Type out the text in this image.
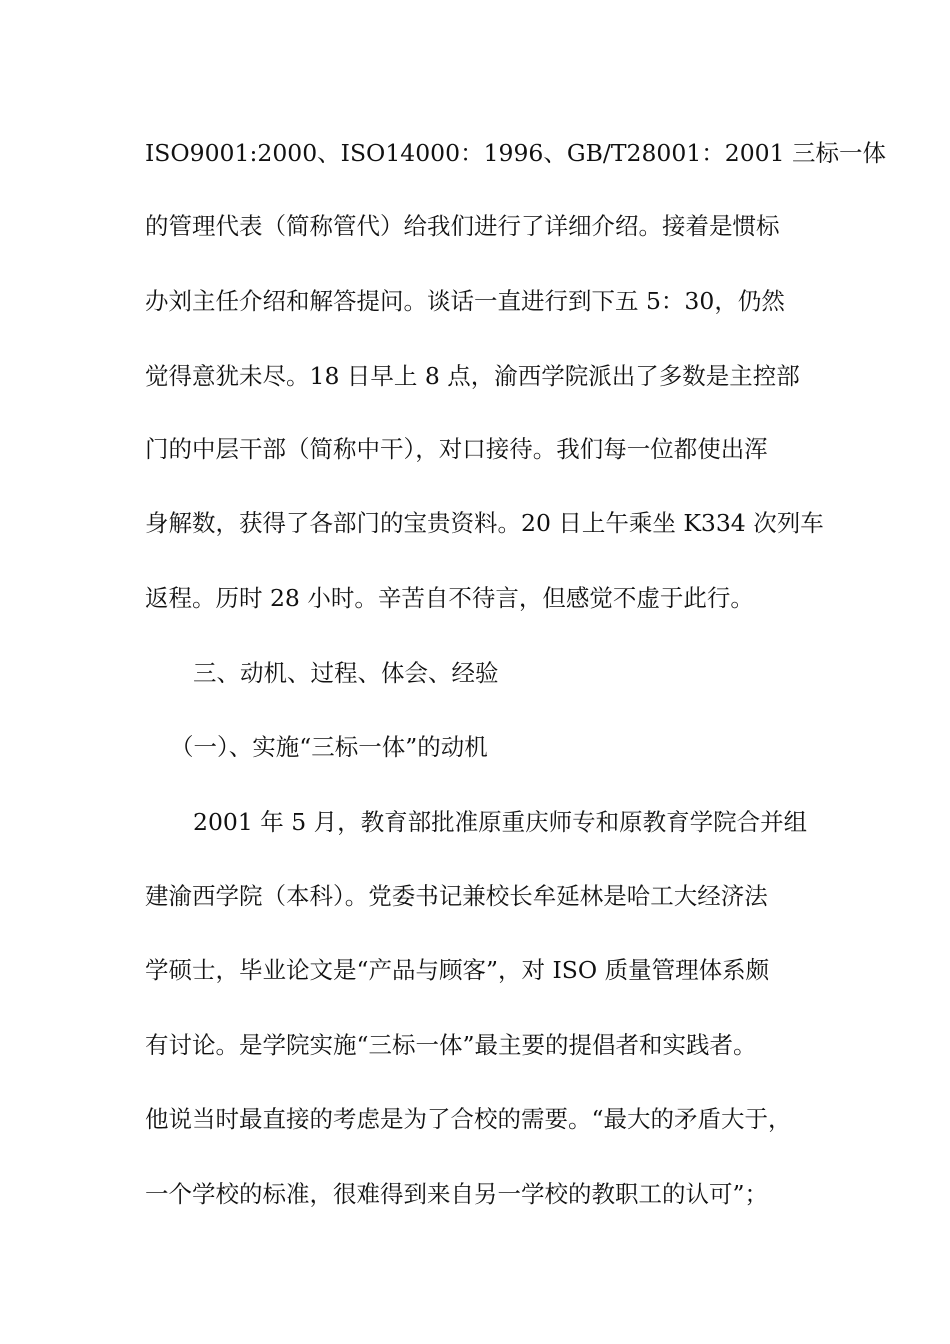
ISO9001:2000、ISO14000：1996、GB/T28001：2001 三标一体
的管理代表（简称管代）给我们进行了详细介绍。接着是惯标
办刘主任介绍和解答提问。谈话一直进行到下五 5：30，仍然
觉得意犹未尽。18 日早上 8 点，渝西学院派出了多数是主控部
门的中层干部（简称中干），对口接待。我们每一位都使出浑
身解数，获得了各部门的宝贵资料。20 日上午乘坐 K334 次列车
返程。历时 28 小时。辛苦自不待言，但感觉不虚于此行。
三、动机、过程、体会、经验
（一）、实施“三标一体”的动机
2001 年 5 月，教育部批准原重庆师专和原教育学院合并组
建渝西学院（本科）。党委书记兼校长牟延林是哈工大经济法
学硕士，毕业论文是“产品与顾客”，对 ISO 质量管理体系颇
有讨论。是学院实施“三标一体”最主要的提倡者和实践者。
他说当时最直接的考虑是为了合校的需要。“最大的矛盾大于，
一个学校的标准，很难得到来自另一学校的教职工的认可”；
